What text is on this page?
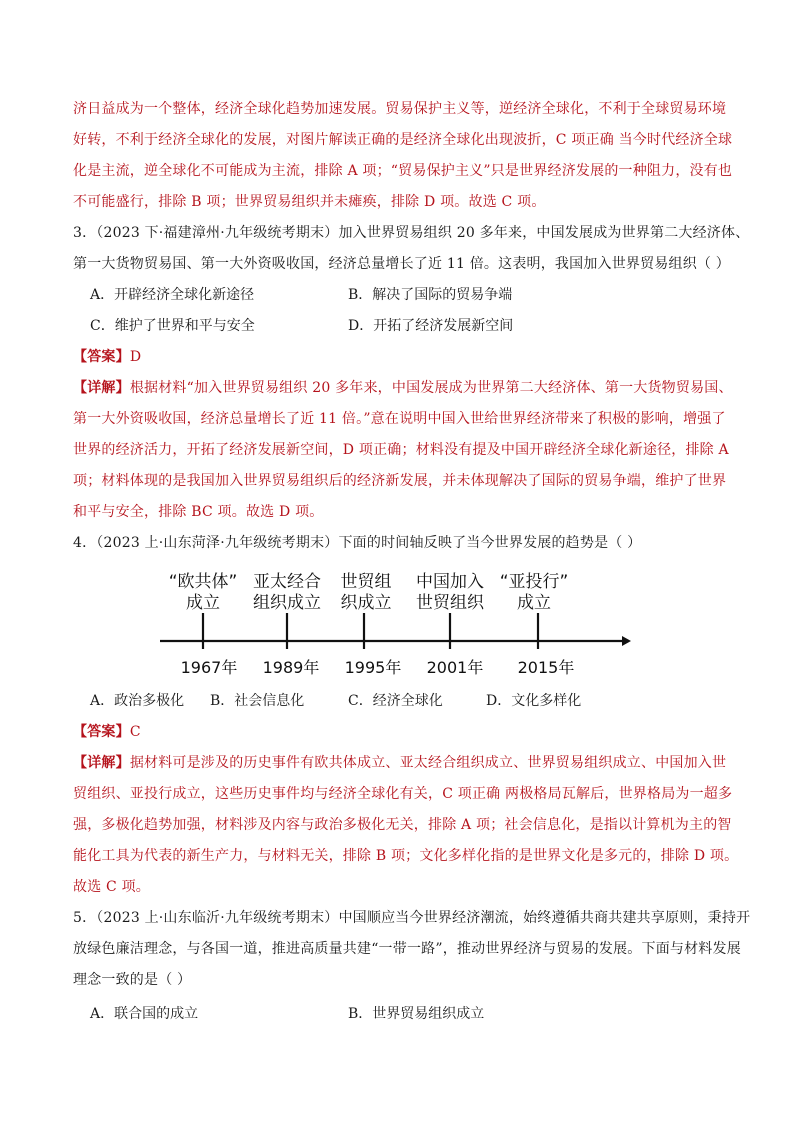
济日益成为一个整体，经济全球化趋势加速发展。贸易保护主义等，逆经济全球化，不利于全球贸易环境
好转，不利于经济全球化的发展，对图片解读正确的是经济全球化出现波折，C 项正确 当今时代经济全球
化是主流，逆全球化不可能成为主流，排除 A 项；“贸易保护主义”只是世界经济发展的一种阻力，没有也
不可能盛行，排除 B 项；世界贸易组织并未瘫痪，排除 D 项。故选 C 项。
3．（2023 下·福建漳州·九年级统考期末）加入世界贸易组织 20 多年来，中国发展成为世界第二大经济体、
第一大货物贸易国、第一大外资吸收国，经济总量增长了近 11 倍。这表明，我国加入世界贸易组织（ ）
A．开辟经济全球化新途径	B．解决了国际的贸易争端
C．维护了世界和平与安全	D．开拓了经济发展新空间
【答案】D
【详解】根据材料“加入世界贸易组织 20 多年来，中国发展成为世界第二大经济体、第一大货物贸易国、
第一大外资吸收国，经济总量增长了近 11 倍。”意在说明中国入世给世界经济带来了积极的影响，增强了
世界的经济活力，开拓了经济发展新空间，D 项正确；材料没有提及中国开辟经济全球化新途径，排除 A
项；材料体现的是我国加入世界贸易组织后的经济新发展，并未体现解决了国际的贸易争端，维护了世界
和平与安全，排除 BC 项。故选 D 项。
4．（2023 上·山东菏泽·九年级统考期末）下面的时间轴反映了当今世界发展的趋势是（ ）
“欧共体”
成立
1967年
亚太经合
组织成立
1989年
世贸组
织成立
1995年
中国加入
世贸组织
2001年
“亚投行”
成立
2015年
A．政治多极化 B．社会信息化	C．经济全球化	D．文化多样化
【答案】C
【详解】据材料可是涉及的历史事件有欧共体成立、亚太经合组织成立、世界贸易组织成立、中国加入世
贸组织、亚投行成立，这些历史事件均与经济全球化有关，C 项正确 两极格局瓦解后，世界格局为一超多
强，多极化趋势加强，材料涉及内容与政治多极化无关，排除 A 项；社会信息化，是指以计算机为主的智
能化工具为代表的新生产力，与材料无关，排除 B 项；文化多样化指的是世界文化是多元的，排除 D 项。
故选 C 项。
5．（2023 上·山东临沂·九年级统考期末）中国顺应当今世界经济潮流，始终遵循共商共建共享原则，秉持开
放绿色廉洁理念，与各国一道，推进高质量共建“一带一路”，推动世界经济与贸易的发展。下面与材料发展
理念一致的是（ ）
A．联合国的成立	B．世界贸易组织成立
